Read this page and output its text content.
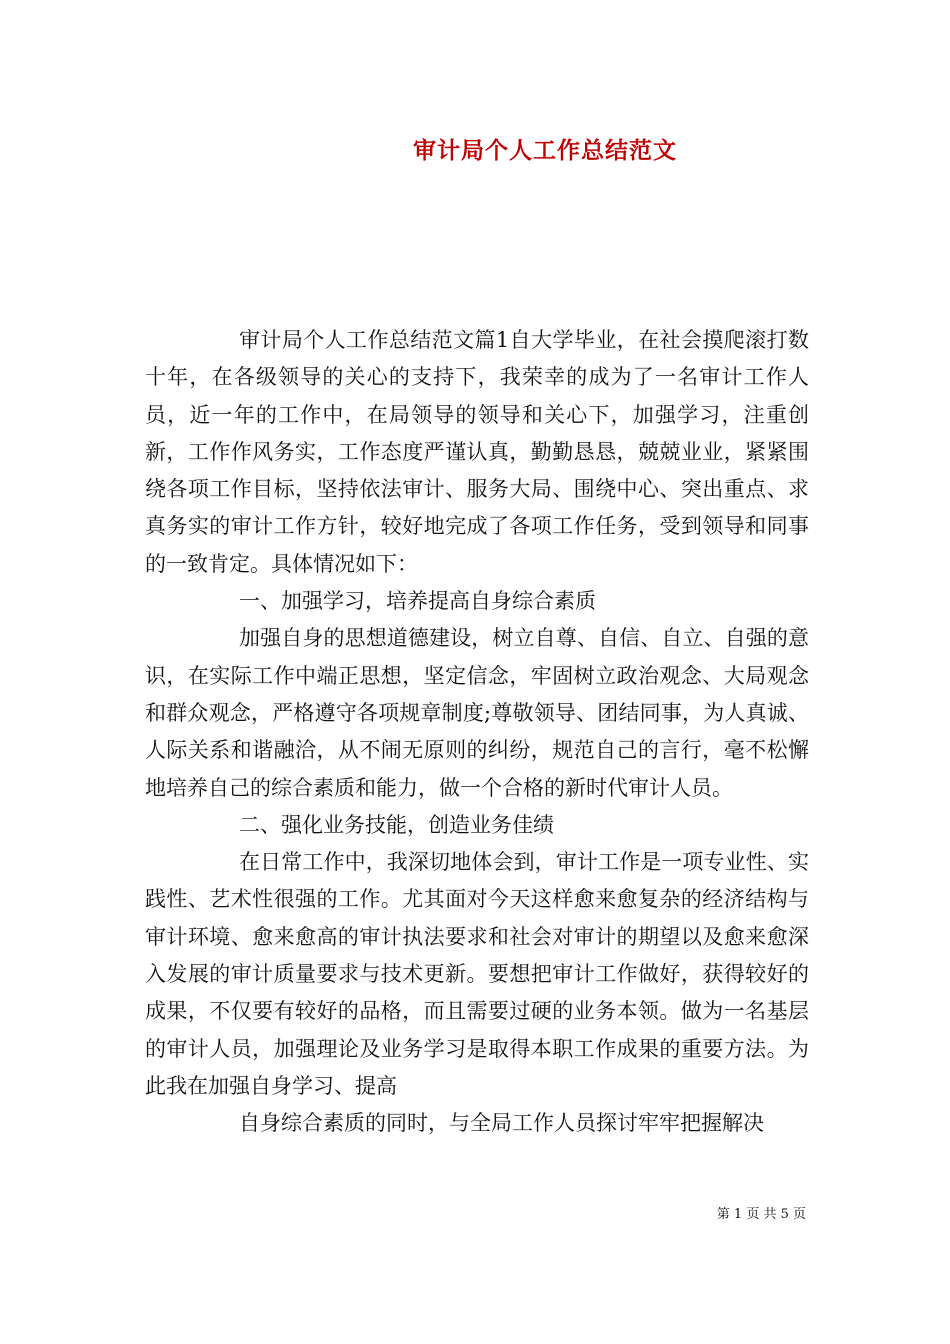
审计局个人工作总结范文

审计局个人工作总结范文篇1自大学毕业，在社会摸爬滚打数十年，在各级领导的关心的支持下，我荣幸的成为了一名审计工作人员，近一年的工作中，在局领导的领导和关心下，加强学习，注重创新，工作作风务实，工作态度严谨认真，勤勤恳恳，兢兢业业，紧紧围绕各项工作目标，坚持依法审计、服务大局、围绕中心、突出重点、求真务实的审计工作方针，较好地完成了各项工作任务，受到领导和同事的一致肯定。具体情况如下：

一、加强学习，培养提高自身综合素质

加强自身的思想道德建设，树立自尊、自信、自立、自强的意识，在实际工作中端正思想，坚定信念，牢固树立政治观念、大局观念和群众观念，严格遵守各项规章制度;尊敬领导、团结同事，为人真诚、人际关系和谐融洽，从不闹无原则的纠纷，规范自己的言行，毫不松懈地培养自己的综合素质和能力，做一个合格的新时代审计人员。

二、强化业务技能，创造业务佳绩

在日常工作中，我深切地体会到，审计工作是一项专业性、实践性、艺术性很强的工作。尤其面对今天这样愈来愈复杂的经济结构与审计环境、愈来愈高的审计执法要求和社会对审计的期望以及愈来愈深入发展的审计质量要求与技术更新。要想把审计工作做好，获得较好的成果，不仅要有较好的品格，而且需要过硬的业务本领。做为一名基层的审计人员，加强理论及业务学习是取得本职工作成果的重要方法。为此我在加强自身学习、提高

自身综合素质的同时，与全局工作人员探讨牢牢把握解决

第 1 页 共 5 页
